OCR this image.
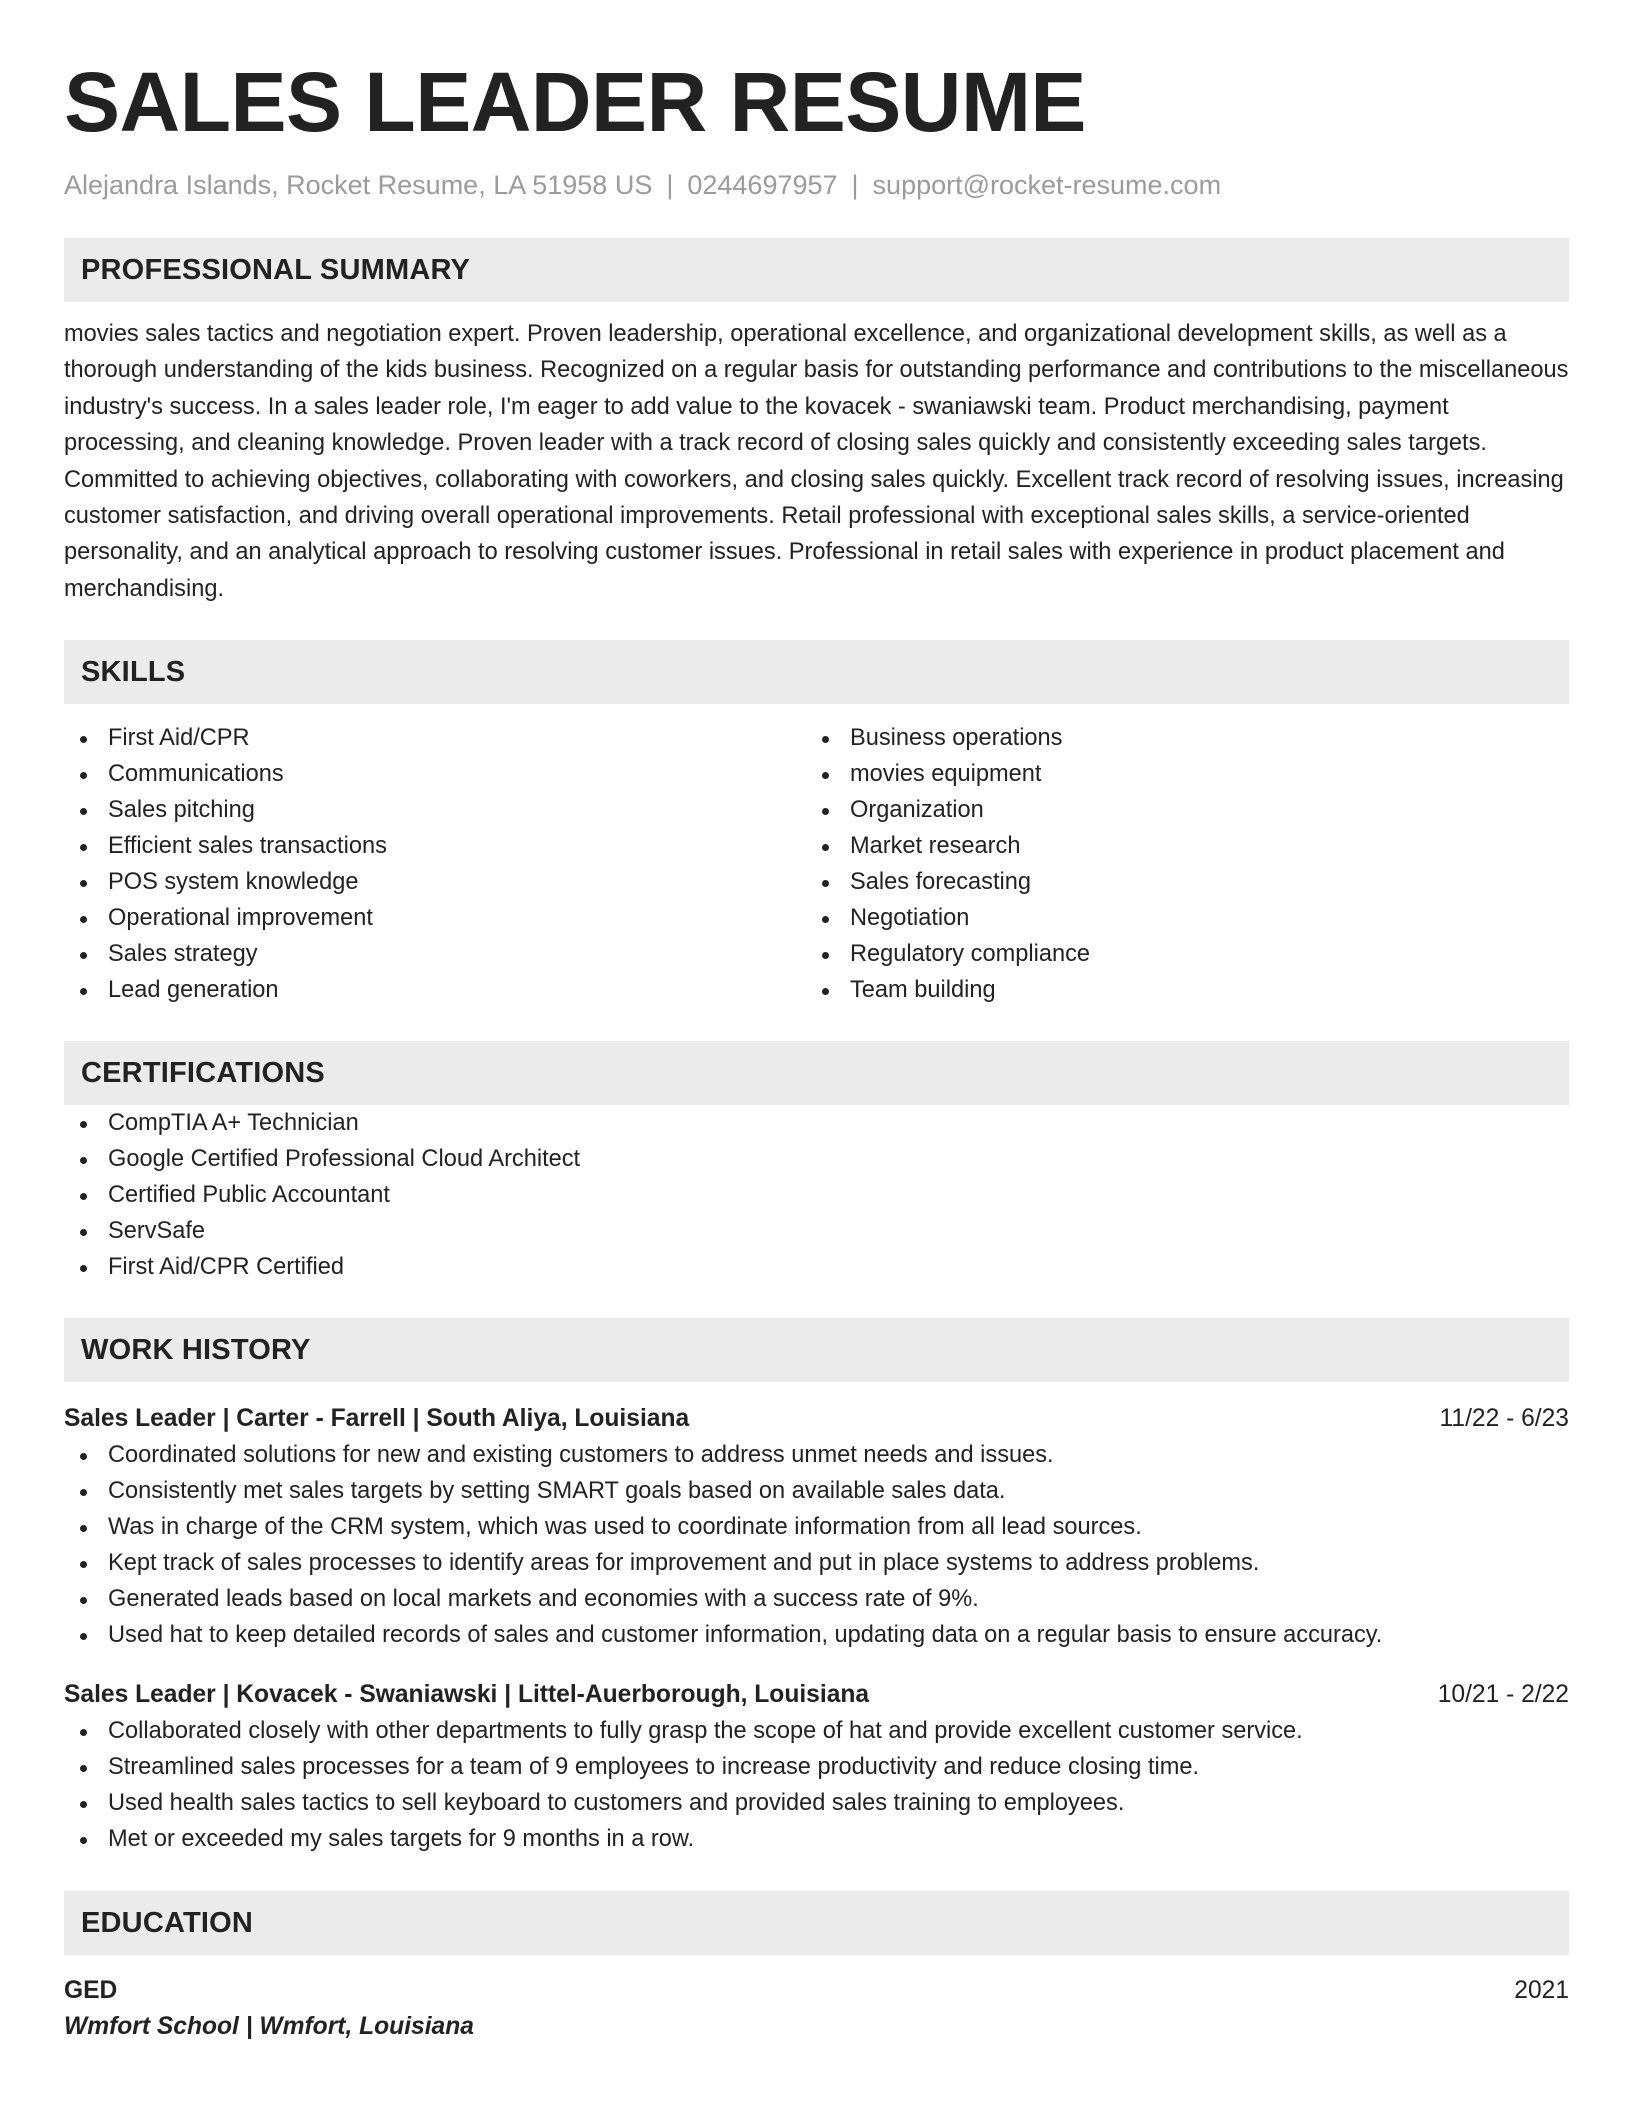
SALES LEADER RESUME
Alejandra Islands, Rocket Resume, LA 51958 US | 0244697957 | support@rocket-resume.com
PROFESSIONAL SUMMARY
movies sales tactics and negotiation expert. Proven leadership, operational excellence, and organizational development skills, as well as a thorough understanding of the kids business. Recognized on a regular basis for outstanding performance and contributions to the miscellaneous industry's success. In a sales leader role, I'm eager to add value to the kovacek - swaniawski team. Product merchandising, payment processing, and cleaning knowledge. Proven leader with a track record of closing sales quickly and consistently exceeding sales targets. Committed to achieving objectives, collaborating with coworkers, and closing sales quickly. Excellent track record of resolving issues, increasing customer satisfaction, and driving overall operational improvements. Retail professional with exceptional sales skills, a service-oriented personality, and an analytical approach to resolving customer issues. Professional in retail sales with experience in product placement and merchandising.
SKILLS
First Aid/CPR
Communications
Sales pitching
Efficient sales transactions
POS system knowledge
Operational improvement
Sales strategy
Lead generation
Business operations
movies equipment
Organization
Market research
Sales forecasting
Negotiation
Regulatory compliance
Team building
CERTIFICATIONS
CompTIA A+ Technician
Google Certified Professional Cloud Architect
Certified Public Accountant
ServSafe
First Aid/CPR Certified
WORK HISTORY
Sales Leader | Carter - Farrell | South Aliya, Louisiana	11/22 - 6/23
Coordinated solutions for new and existing customers to address unmet needs and issues.
Consistently met sales targets by setting SMART goals based on available sales data.
Was in charge of the CRM system, which was used to coordinate information from all lead sources.
Kept track of sales processes to identify areas for improvement and put in place systems to address problems.
Generated leads based on local markets and economies with a success rate of 9%.
Used hat to keep detailed records of sales and customer information, updating data on a regular basis to ensure accuracy.
Sales Leader | Kovacek - Swaniawski | Littel-Auerborough, Louisiana	10/21 - 2/22
Collaborated closely with other departments to fully grasp the scope of hat and provide excellent customer service.
Streamlined sales processes for a team of 9 employees to increase productivity and reduce closing time.
Used health sales tactics to sell keyboard to customers and provided sales training to employees.
Met or exceeded my sales targets for 9 months in a row.
EDUCATION
GED	2021
Wmfort School | Wmfort, Louisiana
